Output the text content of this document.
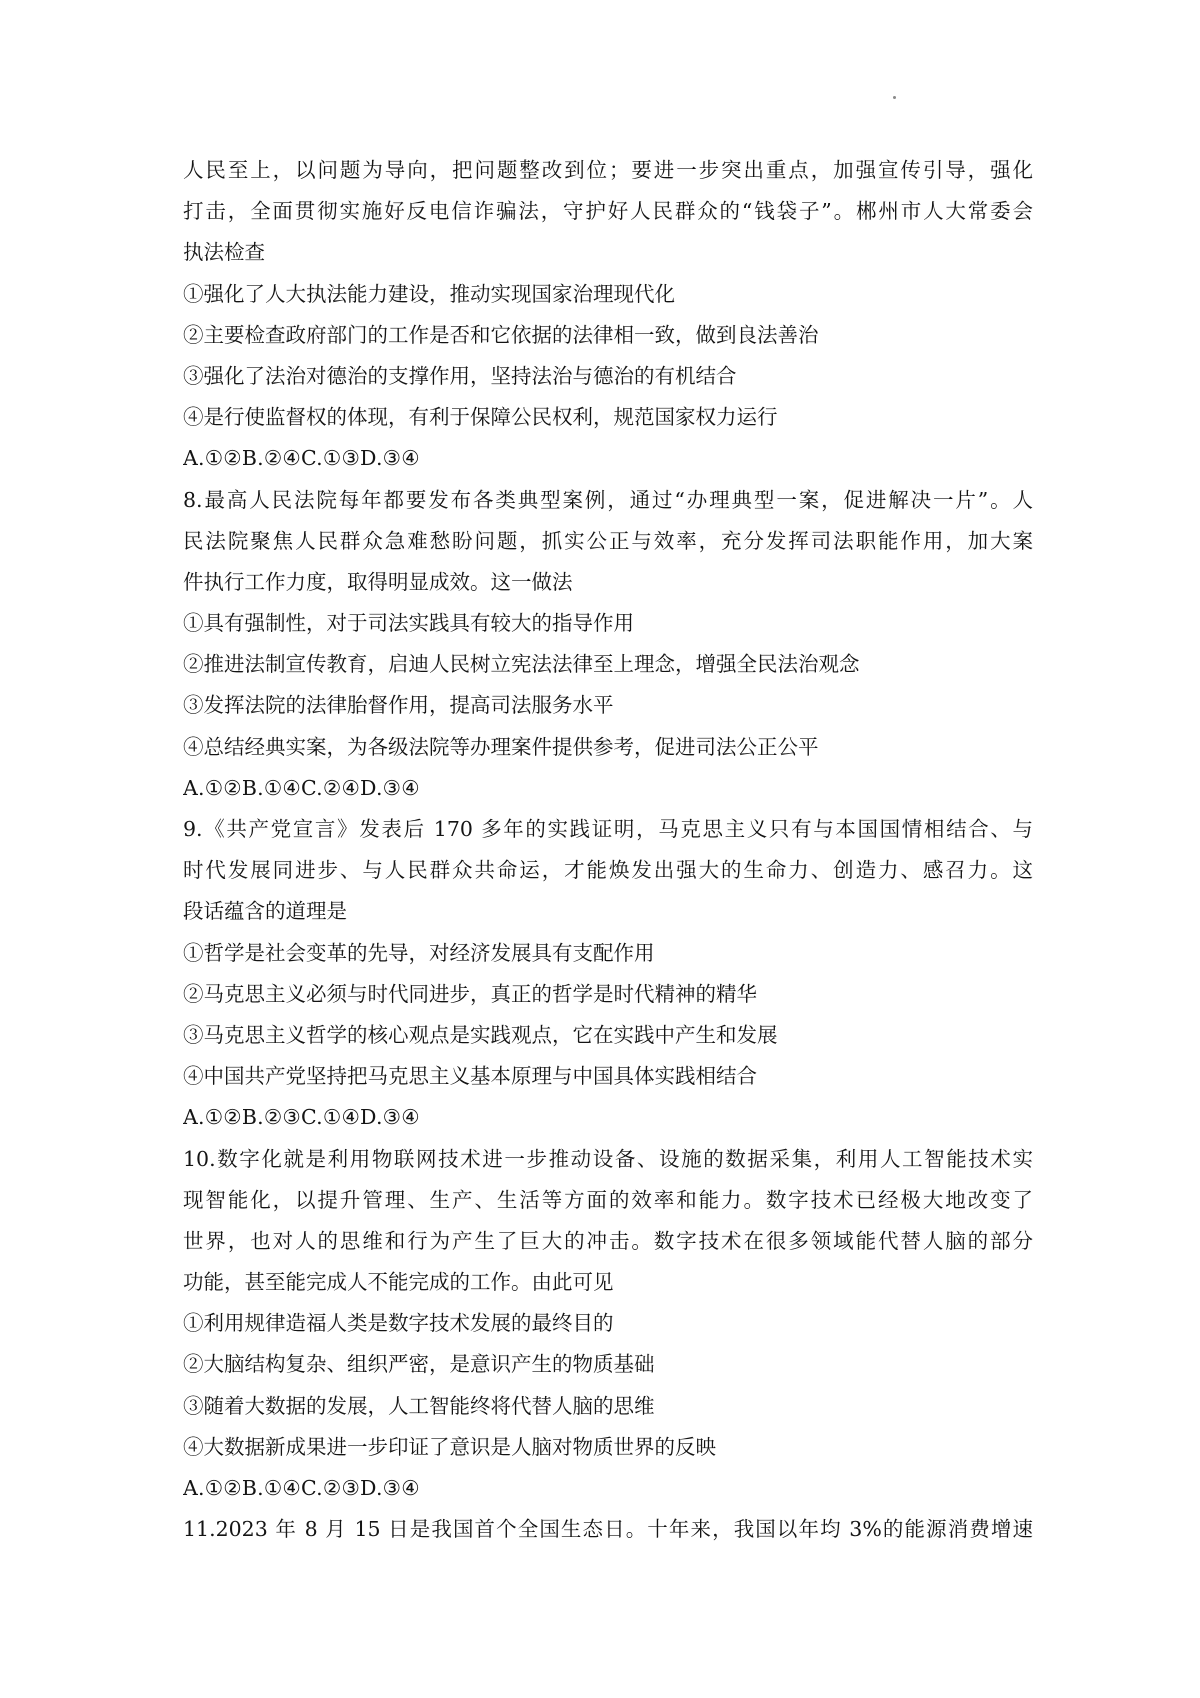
人民至上，以问题为导向，把问题整改到位；要进一步突出重点，加强宣传引导，强化
打击，全面贯彻实施好反电信诈骗法，守护好人民群众的“钱袋子”。郴州市人大常委会
执法检查
①强化了人大执法能力建设，推动实现国家治理现代化
②主要检查政府部门的工作是否和它依据的法律相一致，做到良法善治
③强化了法治对德治的支撑作用，坚持法治与德治的有机结合
④是行使监督权的体现，有利于保障公民权利，规范国家权力运行
A.①②B.②④C.①③D.③④
8.最高人民法院每年都要发布各类典型案例，通过“办理典型一案，促进解决一片”。人
民法院聚焦人民群众急难愁盼问题，抓实公正与效率，充分发挥司法职能作用，加大案
件执行工作力度，取得明显成效。这一做法
①具有强制性，对于司法实践具有较大的指导作用
②推进法制宣传教育，启迪人民树立宪法法律至上理念，增强全民法治观念
③发挥法院的法律胎督作用，提高司法服务水平
④总结经典实案，为各级法院等办理案件提供参考，促进司法公正公平
A.①②B.①④C.②④D.③④
9.《共产党宣言》发表后 170 多年的实践证明，马克思主义只有与本国国情相结合、与
时代发展同进步、与人民群众共命运，才能焕发出强大的生命力、创造力、感召力。这
段话蕴含的道理是
①哲学是社会变革的先导，对经济发展具有支配作用
②马克思主义必须与时代同进步，真正的哲学是时代精神的精华
③马克思主义哲学的核心观点是实践观点，它在实践中产生和发展
④中国共产党坚持把马克思主义基本原理与中国具体实践相结合
A.①②B.②③C.①④D.③④
10.数字化就是利用物联网技术进一步推动设备、设施的数据采集，利用人工智能技术实
现智能化，以提升管理、生产、生活等方面的效率和能力。数字技术已经极大地改变了
世界，也对人的思维和行为产生了巨大的冲击。数字技术在很多领域能代替人脑的部分
功能，甚至能完成人不能完成的工作。由此可见
①利用规律造福人类是数字技术发展的最终目的
②大脑结构复杂、组织严密，是意识产生的物质基础
③随着大数据的发展，人工智能终将代替人脑的思维
④大数据新成果进一步印证了意识是人脑对物质世界的反映
A.①②B.①④C.②③D.③④
11.2023 年 8 月 15 日是我国首个全国生态日。十年来，我国以年均 3%的能源消费增速
